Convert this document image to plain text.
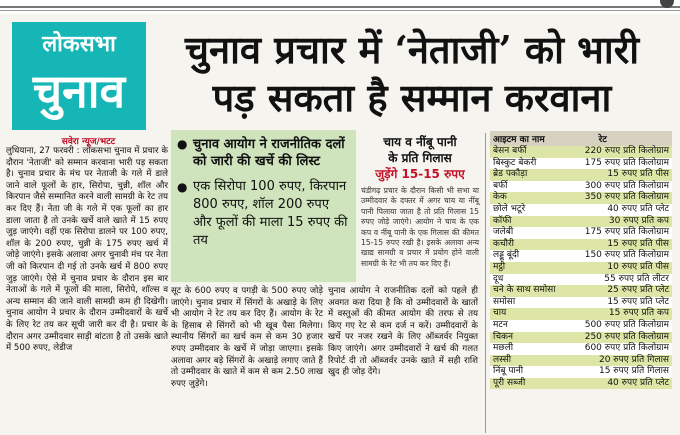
लोकसभा
चुनाव
चुनाव प्रचार में ‘नेताजी’ को भारी
पड़ सकता है सम्मान करवाना
सवेरा न्यूज/भटट
लुधियाना, 27 फरवरी : लोकसभा चुनाव में प्रचार के दौरान 'नेताजी' को सम्मान करवाना भारी पड़ सकता है। चुनाव प्रचार के मंच पर नेताजी के गले में डाले जाने वाले फूलों के हार, सिरोपा, चुन्नी, शॉल और किरपान जैसे सम्मानित करने वाली सामग्री के रेट तय कर दिए हैं। नेता जी के गले में एक फूलों का हार डाला जाता है तो उनके खर्चे वाले खाते में 15 रुपए जुड़ जाएंगे। वहीं एक सिरोपा डालने पर 100 रुपए, शॉल के 200 रुपए, चुन्नी के 175 रुपए खर्च में जोड़े जाएंगे। इसके अलावा अगर चुनावी मंच पर नेता जी को किरपान दी गई तो उनके खर्च में 800 रुपए जुड़ जाएंगे। ऐसे में चुनाव प्रचार के दौरान इस बार नेताओं के गले में फूलों की माला, सिरोपे, शॉल्स व अन्य सम्मान की जाने वाली सामग्री कम ही दिखेगी। चुनाव आयोग ने प्रचार के दौरान उम्मीदवारों के खर्चे के लिए रेट तय कर सूची जारी कर दी है। प्रचार के दौरान अगर उम्मीदवार साड़ी बांटता है तो उसके खाते में 500 रुपए, लेडीज
● चुनाव आयोग ने राजनीतिक दलों को जारी की खर्चे की लिस्ट
● एक सिरोपा 100 रुपए, किरपान 800 रुपए, शॉल 200 रुपए और फूलों की माला 15 रुपए की तय
चाय व नींबू पानी
के प्रति गिलास
जुड़ेंगे 15-15 रुपए
चंडीगढ़ प्रचार के दौरान किसी भी सभा या उम्मीदवार के दफ्तर में अगर चाय या नींबू पानी पिलाया जाता है तो प्रति गिलास 15 रुपए जोड़े जाएंगे। आयोग ने चाय के एक कप व नींबू पानी के एक गिलास की कीमत 15-15 रुपए रखी है। इसके अलावा अन्य खाद्य सामग्री व प्रचार में प्रयोग होने वाली सामग्री के रेट भी तय कर दिए हैं।
सूट के 600 रुपए व पगड़ी के 500 रुपए जोड़े जाएंगे। चुनाव प्रचार में सिंगरों के अखाड़े के लिए भी आयोग ने रेट तय कर दिए हैं। आयोग के रेट के हिसाब से सिंगरों को भी खूब पैसा मिलेगा। स्थानीय सिंगरों का खर्च कम से कम 30 हजार रुपए उम्मीदवार के खर्चे में जोड़ा जाएगा। इसके अलावा अगर बड़े सिंगरों के अखाड़े लगाए जाते हैं तो उम्मीदवार के खाते में कम से कम 2.50 लाख रुपए जुड़ेंगे।
चुनाव आयोग ने राजनीतिक दलों को पहले ही अवगत करा दिया है कि वो उम्मीदवारों के खातों में वस्तुओं की कीमत आयोग की तरफ से तय किए गए रेट से कम दर्ज न करें। उम्मीदवारों के खर्चे पर नजर रखने के लिए ऑब्जर्वर नियुक्त किए जाएंगे। अगर उम्मीदवारों ने खर्च की गलत रिपोर्ट दी तो ऑब्जर्वर उनके खाते में सही राशि खुद ही जोड़ देंगे।
आइटम का नाम	रेट
बेसन बर्फी	220 रुपए प्रति किलोग्राम
बिस्कुट बेकरी	175 रुपए प्रति किलोग्राम
ब्रेड पकौड़ा	15 रुपए प्रति पीस
बर्फी	300 रुपए प्रति किलोग्राम
केक	350 रुपए प्रति किलोग्राम
छोले भटूरे	40 रुपए प्रति प्लेट
कॉफी	30 रुपए प्रति कप
जलेबी	175 रुपए प्रति किलोग्राम
कचौरी	15 रुपए प्रति पीस
लड्डू बूंदी	150 रुपए प्रति किलोग्राम
मट्ठी	10 रुपए प्रति पीस
दूध	55 रुपए प्रति लीटर
चने के साथ समोसा	25 रुपए प्रति प्लेट
समोसा	15 रुपए प्रति प्लेट
चाय	15 रुपए प्रति कप
मटन	500 रुपए प्रति किलोग्राम
चिकन	250 रुपए प्रति किलोग्राम
मछली	600 रुपए प्रति किलोग्राम
लस्सी	20 रुपए प्रति गिलास
निंबू पानी	15 रुपए प्रति गिलास
पूरी सब्जी	40 रुपए प्रति प्लेट
